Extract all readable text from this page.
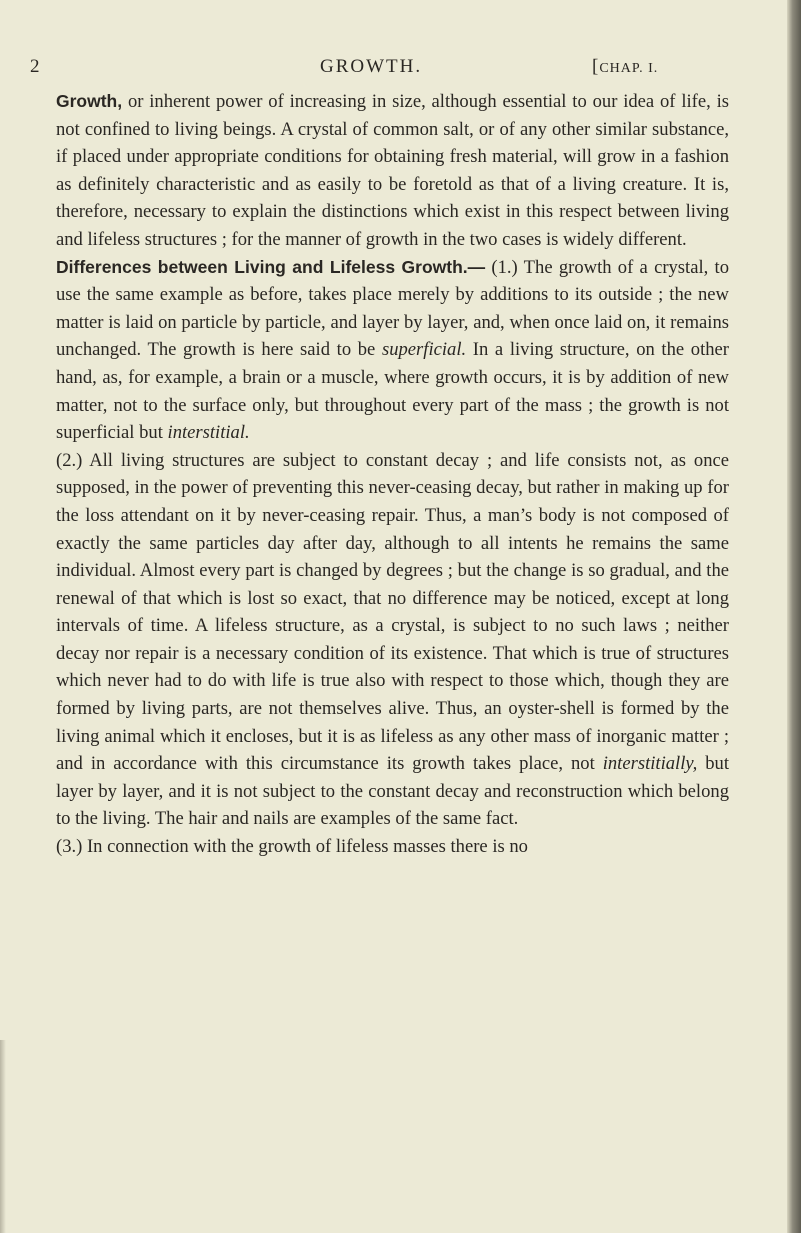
2	GROWTH.	[CHAP. I.

Growth, or inherent power of increasing in size, although essential to our idea of life, is not confined to living beings. A crystal of common salt, or of any other similar substance, if placed under appropriate conditions for obtaining fresh material, will grow in a fashion as definitely characteristic and as easily to be foretold as that of a living creature. It is, therefore, necessary to explain the distinctions which exist in this respect between living and lifeless structures ; for the manner of growth in the two cases is widely different.

Differences between Living and Lifeless Growth.— (1.) The growth of a crystal, to use the same example as before, takes place merely by additions to its outside ; the new matter is laid on particle by particle, and layer by layer, and, when once laid on, it remains unchanged. The growth is here said to be superficial. In a living structure, on the other hand, as, for example, a brain or a muscle, where growth occurs, it is by addition of new matter, not to the surface only, but throughout every part of the mass ; the growth is not superficial but interstitial.

(2.) All living structures are subject to constant decay ; and life consists not, as once supposed, in the power of preventing this never-ceasing decay, but rather in making up for the loss attendant on it by never-ceasing repair. Thus, a man’s body is not composed of exactly the same particles day after day, although to all intents he remains the same individual. Almost every part is changed by degrees ; but the change is so gradual, and the renewal of that which is lost so exact, that no difference may be noticed, except at long intervals of time. A lifeless structure, as a crystal, is subject to no such laws ; neither decay nor repair is a necessary condition of its existence. That which is true of structures which never had to do with life is true also with respect to those which, though they are formed by living parts, are not themselves alive. Thus, an oyster-shell is formed by the living animal which it encloses, but it is as lifeless as any other mass of inorganic matter ; and in accordance with this circumstance its growth takes place, not interstitially, but layer by layer, and it is not subject to the constant decay and reconstruction which belong to the living. The hair and nails are examples of the same fact.

(3.) In connection with the growth of lifeless masses there is no
